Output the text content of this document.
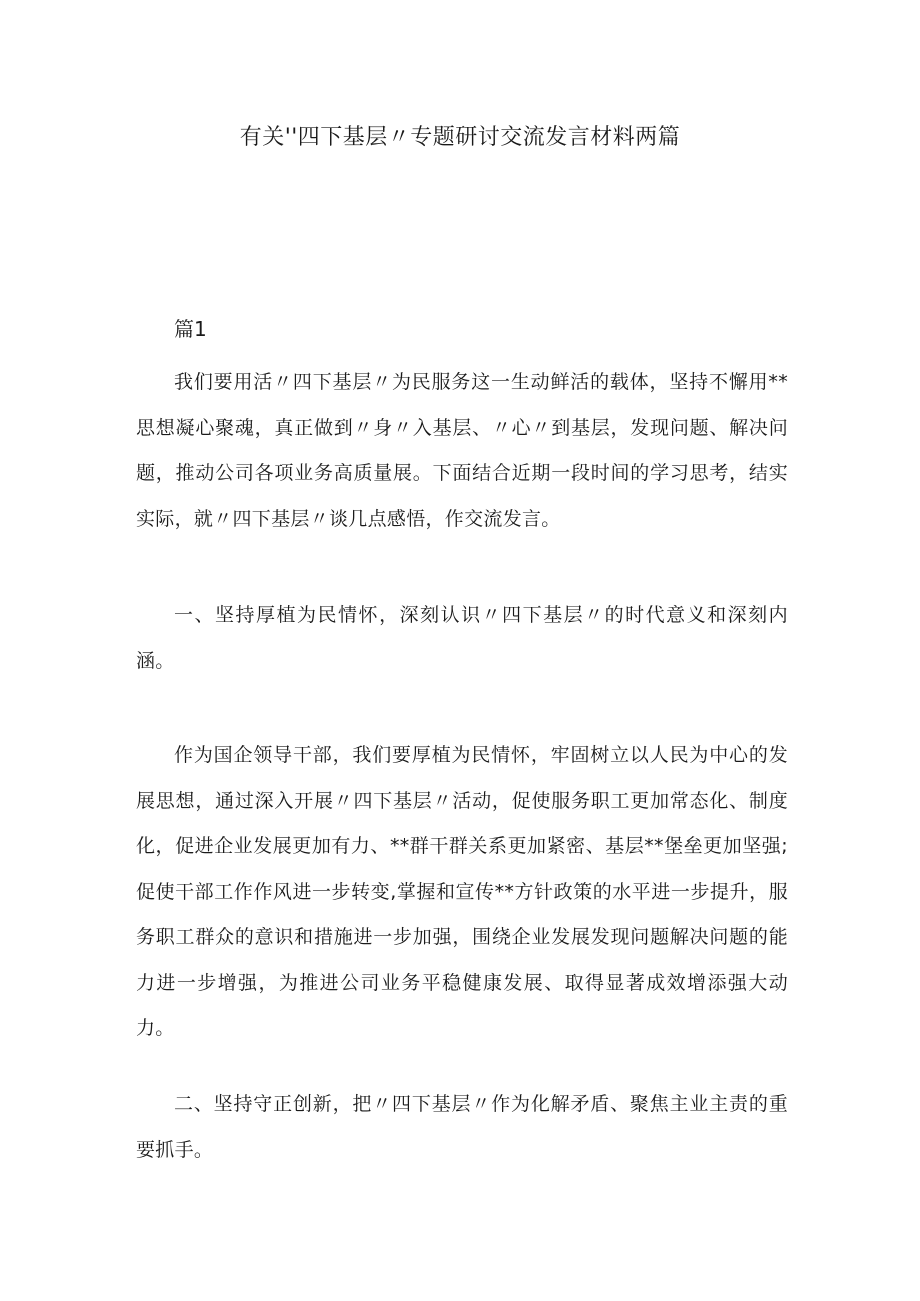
有关''四下基层〃专题研讨交流发言材料两篇

篇1

我们要用活〃四下基层〃为民服务这一生动鲜活的载体，坚持不懈用**思想凝心聚魂，真正做到〃身〃入基层、〃心〃到基层，发现问题、解决问题，推动公司各项业务高质量展。下面结合近期一段时间的学习思考，结实实际，就〃四下基层〃谈几点感悟，作交流发言。

一、坚持厚植为民情怀，深刻认识〃四下基层〃的时代意义和深刻内涵。

作为国企领导干部，我们要厚植为民情怀，牢固树立以人民为中心的发展思想，通过深入开展〃四下基层〃活动，促使服务职工更加常态化、制度化，促进企业发展更加有力、**群干群关系更加紧密、基层**堡垒更加坚强;促使干部工作作风进一步转变,掌握和宣传**方针政策的水平进一步提升，服务职工群众的意识和措施进一步加强，围绕企业发展发现问题解决问题的能力进一步增强，为推进公司业务平稳健康发展、取得显著成效增添强大动力。

二、坚持守正创新，把〃四下基层〃作为化解矛盾、聚焦主业主责的重要抓手。
